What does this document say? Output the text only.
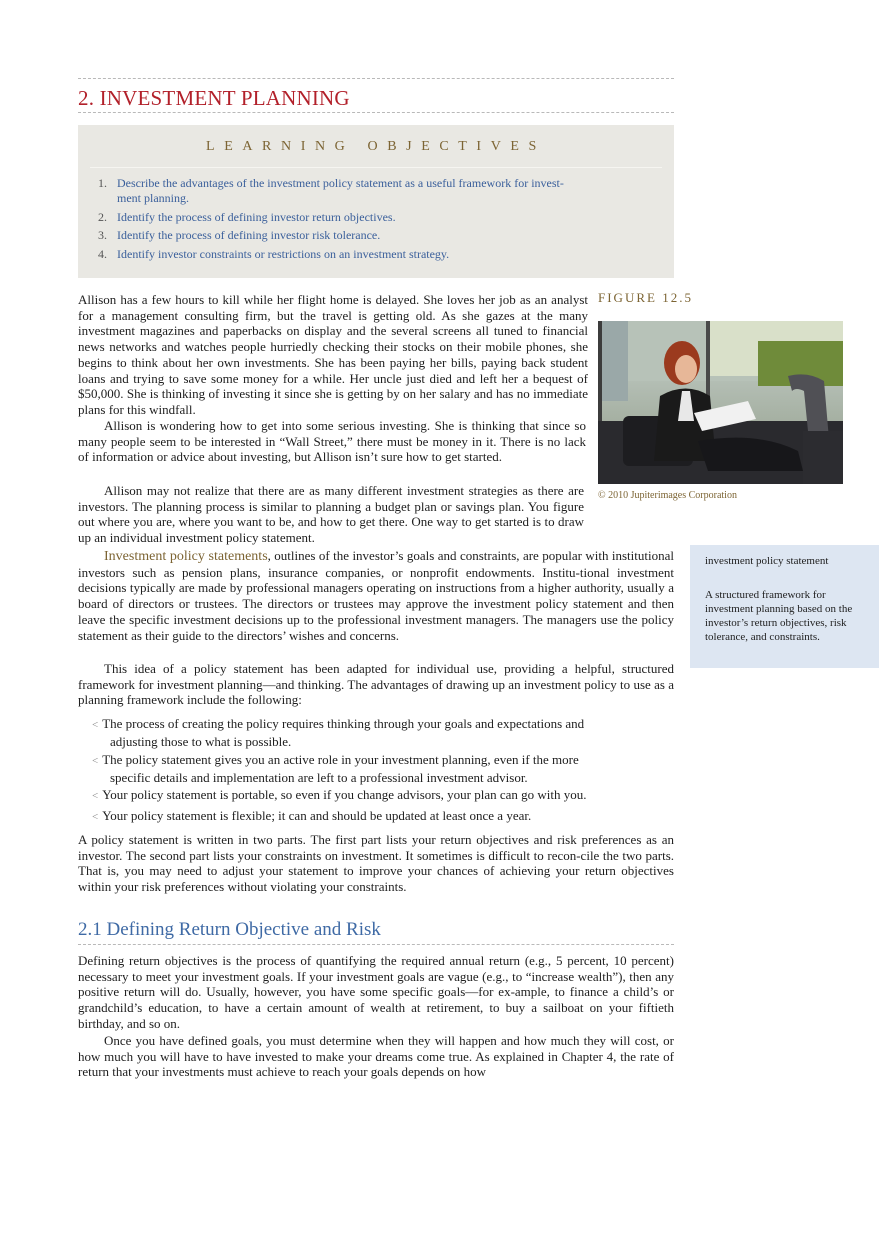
2. INVESTMENT PLANNING
LEARNING OBJECTIVES
1. Describe the advantages of the investment policy statement as a useful framework for invest-
ment planning.
2. Identify the process of defining investor return objectives.
3. Identify the process of defining investor risk tolerance.
4. Identify investor constraints or restrictions on an investment strategy.
FIGURE 12.5
© 2010 Jupiterimages Corporation

Allison has a few hours to kill while her flight home is delayed. She loves her job as an analyst for a management consulting firm, but the travel is getting old. As she gazes at the many investment magazines and paperbacks on display and the several screens all tuned to financial news networks and watches people hurriedly checking their stocks on their mobile phones, she begins to think about her own investments. She has been paying her bills, paying back student loans and trying to save some money for a while. Her uncle just died and left her a bequest of $50,000. She is thinking of investing it since she is getting by on her salary and has no immediate plans for this windfall.

Allison is wondering how to get into some serious investing. She is thinking that since so many people seem to be interested in “Wall Street,” there must be money in it. There is no lack of information or advice about investing, but Allison isn’t sure how to get started.

Allison may not realize that there are as many different investment strategies as there are investors. The planning process is similar to planning a budget plan or savings plan. You figure out where you are, where you want to be, and how to get there. One way to get started is to draw up an individual investment policy statement.

Investment policy statements, outlines of the investor’s goals and constraints, are popular with institutional investors such as pension plans, insurance companies, or nonprofit endowments. Institu-tional investment decisions typically are made by professional managers operating on instructions from a higher authority, usually a board of directors or trustees. The directors or trustees may approve the investment policy statement and then leave the specific investment decisions up to the professional investment managers. The managers use the policy statement as their guide to the directors’ wishes and concerns.

This idea of a policy statement has been adapted for individual use, providing a helpful, structured framework for investment planning—and thinking. The advantages of drawing up an investment policy to use as a planning framework include the following:

< The process of creating the policy requires thinking through your goals and expectations and
adjusting those to what is possible.
< The policy statement gives you an active role in your investment planning, even if the more
specific details and implementation are left to a professional investment advisor.
< Your policy statement is portable, so even if you change advisors, your plan can go with you.
< Your policy statement is flexible; it can and should be updated at least once a year.

A policy statement is written in two parts. The first part lists your return objectives and risk preferences as an investor. The second part lists your constraints on investment. It sometimes is difficult to recon-cile the two parts. That is, you may need to adjust your statement to improve your chances of achieving your return objectives within your risk preferences without violating your constraints.

investment policy statement
A structured framework for investment planning based on the investor’s return objectives, risk tolerance, and constraints.
2.1 Defining Return Objective and Risk

Defining return objectives is the process of quantifying the required annual return (e.g., 5 percent, 10 percent) necessary to meet your investment goals. If your investment goals are vague (e.g., to “increase wealth”), then any positive return will do. Usually, however, you have some specific goals—for ex-ample, to finance a child’s or grandchild’s education, to have a certain amount of wealth at retirement, to buy a sailboat on your fiftieth birthday, and so on.

Once you have defined goals, you must determine when they will happen and how much they will cost, or how much you will have to have invested to make your dreams come true. As explained in Chapter 4, the rate of return that your investments must achieve to reach your goals depends on how
